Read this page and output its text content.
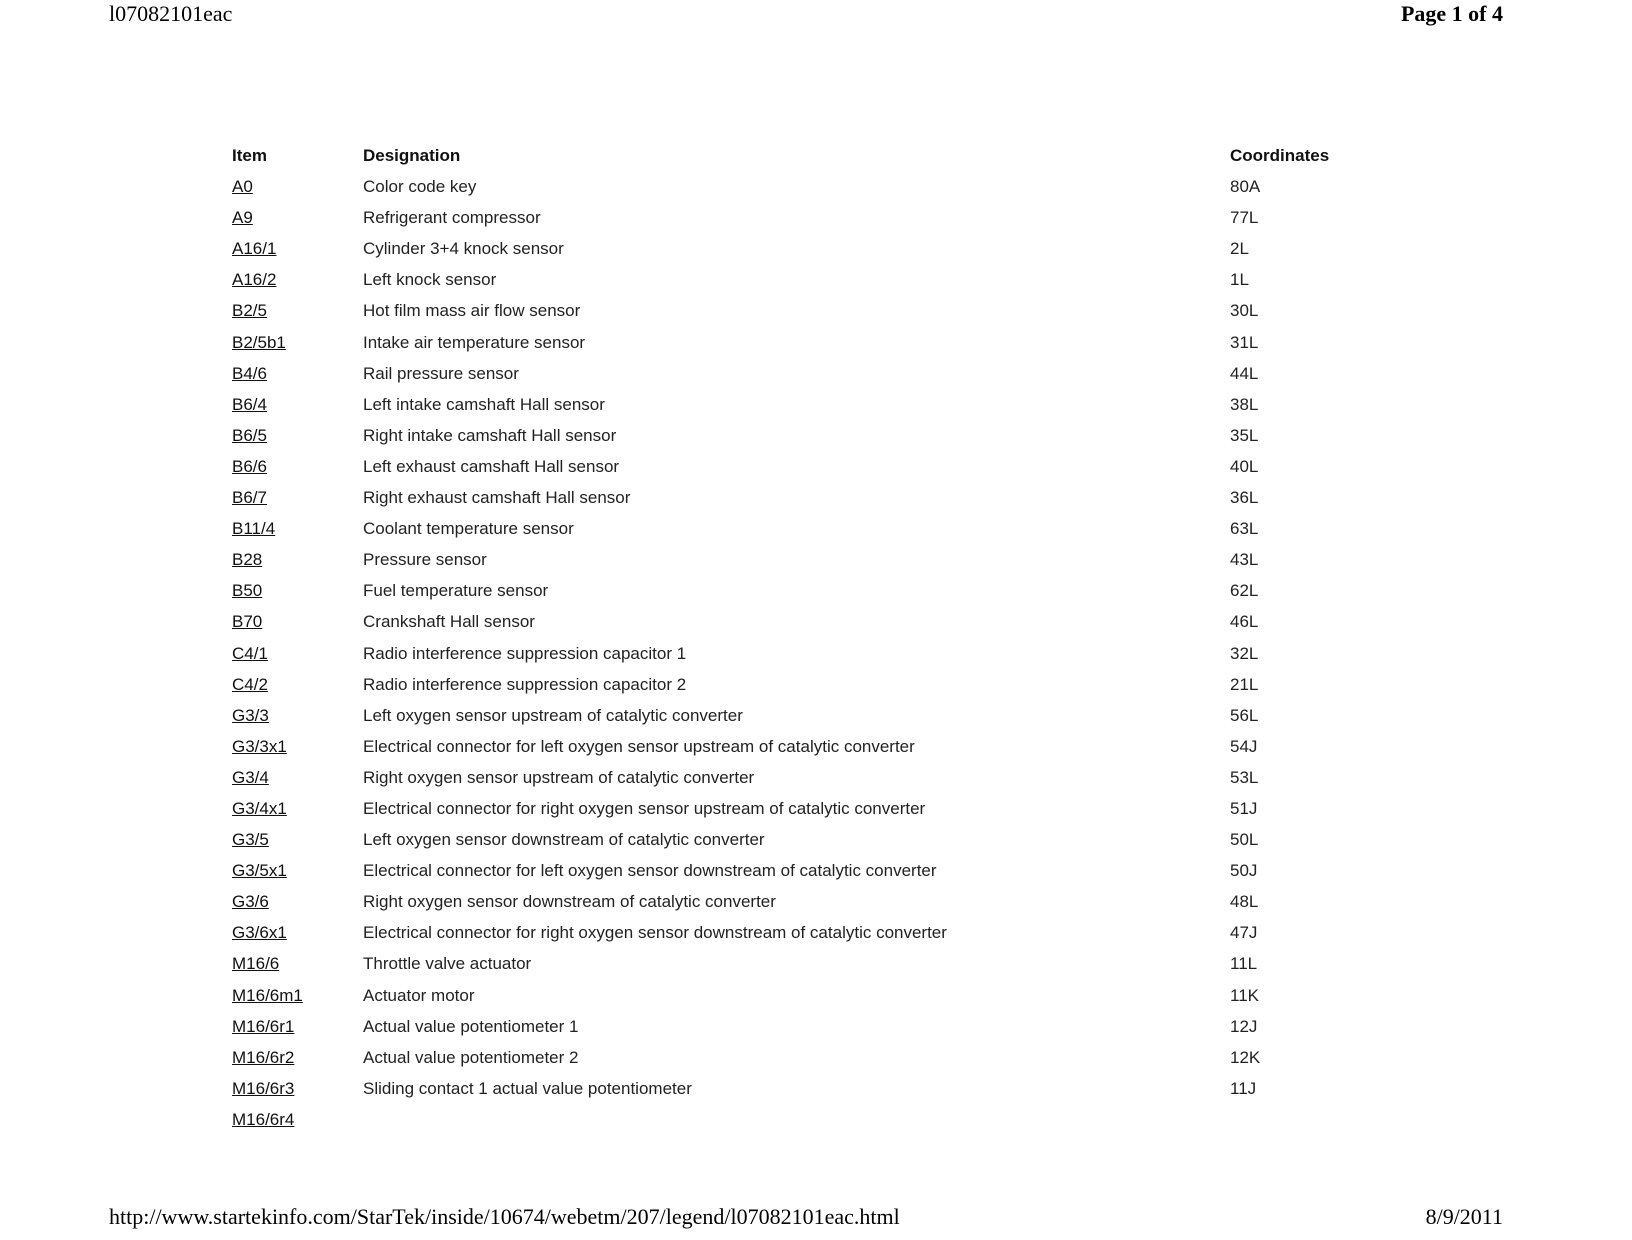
l07082101eac	Page 1 of 4
Item	Designation	Coordinates
A0	Color code key	80A
A9	Refrigerant compressor	77L
A16/1	Cylinder 3+4 knock sensor	2L
A16/2	Left knock sensor	1L
B2/5	Hot film mass air flow sensor	30L
B2/5b1	Intake air temperature sensor	31L
B4/6	Rail pressure sensor	44L
B6/4	Left intake camshaft Hall sensor	38L
B6/5	Right intake camshaft Hall sensor	35L
B6/6	Left exhaust camshaft Hall sensor	40L
B6/7	Right exhaust camshaft Hall sensor	36L
B11/4	Coolant temperature sensor	63L
B28	Pressure sensor	43L
B50	Fuel temperature sensor	62L
B70	Crankshaft Hall sensor	46L
C4/1	Radio interference suppression capacitor 1	32L
C4/2	Radio interference suppression capacitor 2	21L
G3/3	Left oxygen sensor upstream of catalytic converter	56L
G3/3x1	Electrical connector for left oxygen sensor upstream of catalytic converter	54J
G3/4	Right oxygen sensor upstream of catalytic converter	53L
G3/4x1	Electrical connector for right oxygen sensor upstream of catalytic converter	51J
G3/5	Left oxygen sensor downstream of catalytic converter	50L
G3/5x1	Electrical connector for left oxygen sensor downstream of catalytic converter	50J
G3/6	Right oxygen sensor downstream of catalytic converter	48L
G3/6x1	Electrical connector for right oxygen sensor downstream of catalytic converter	47J
M16/6	Throttle valve actuator	11L
M16/6m1	Actuator motor	11K
M16/6r1	Actual value potentiometer 1	12J
M16/6r2	Actual value potentiometer 2	12K
M16/6r3	Sliding contact 1 actual value potentiometer	11J
M16/6r4
http://www.startekinfo.com/StarTek/inside/10674/webetm/207/legend/l07082101eac.html	8/9/2011
